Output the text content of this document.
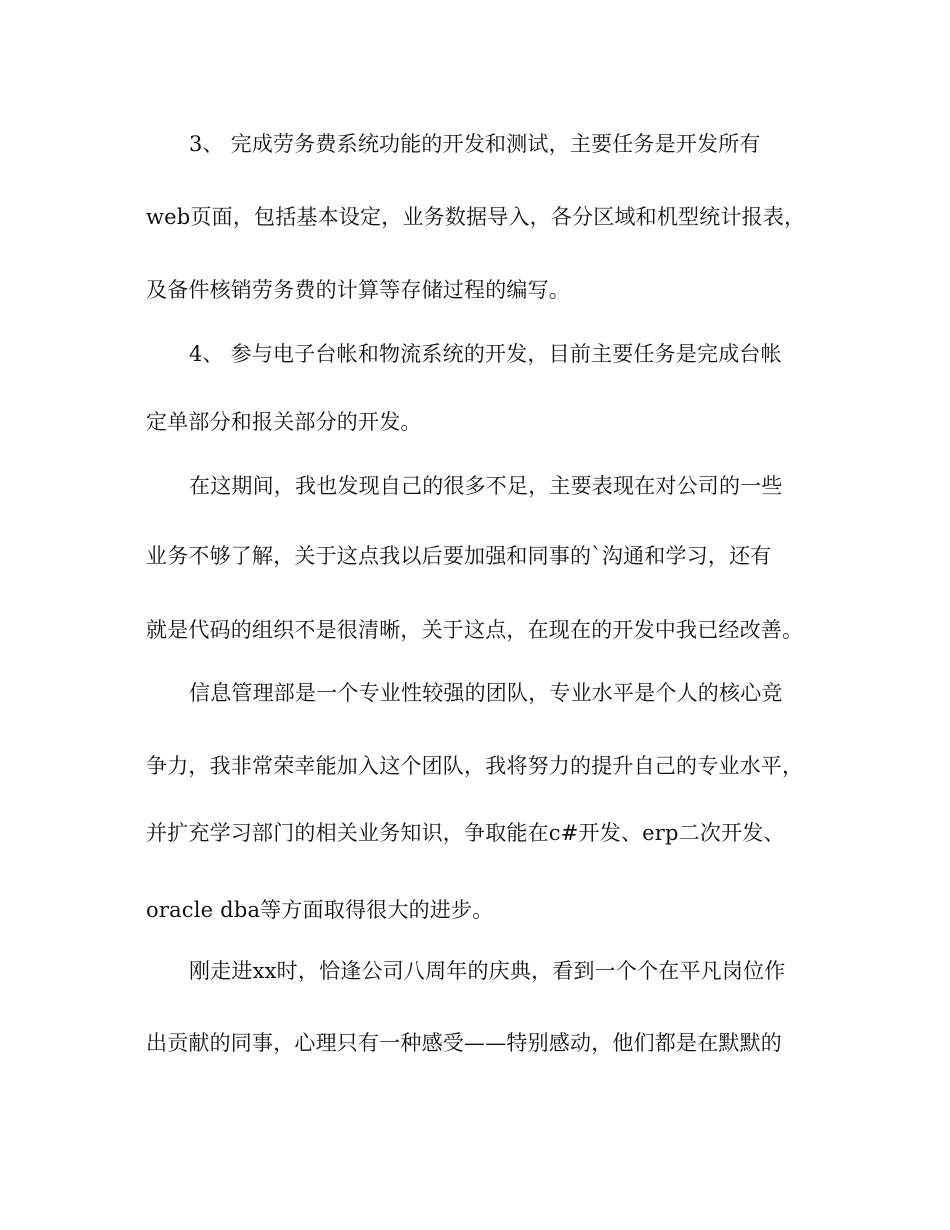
3、 完成劳务费系统功能的开发和测试，主要任务是开发所有
web页面，包括基本设定，业务数据导入，各分区域和机型统计报表，
及备件核销劳务费的计算等存储过程的编写。
4、 参与电子台帐和物流系统的开发，目前主要任务是完成台帐
定单部分和报关部分的开发。
在这期间，我也发现自己的很多不足，主要表现在对公司的一些
业务不够了解，关于这点我以后要加强和同事的`沟通和学习，还有
就是代码的组织不是很清晰，关于这点，在现在的开发中我已经改善。
信息管理部是一个专业性较强的团队，专业水平是个人的核心竞
争力，我非常荣幸能加入这个团队，我将努力的提升自己的专业水平，
并扩充学习部门的相关业务知识，争取能在c#开发、erp二次开发、
oracle dba等方面取得很大的进步。
刚走进xx时，恰逢公司八周年的庆典，看到一个个在平凡岗位作
出贡献的同事，心理只有一种感受——特别感动，他们都是在默默的
